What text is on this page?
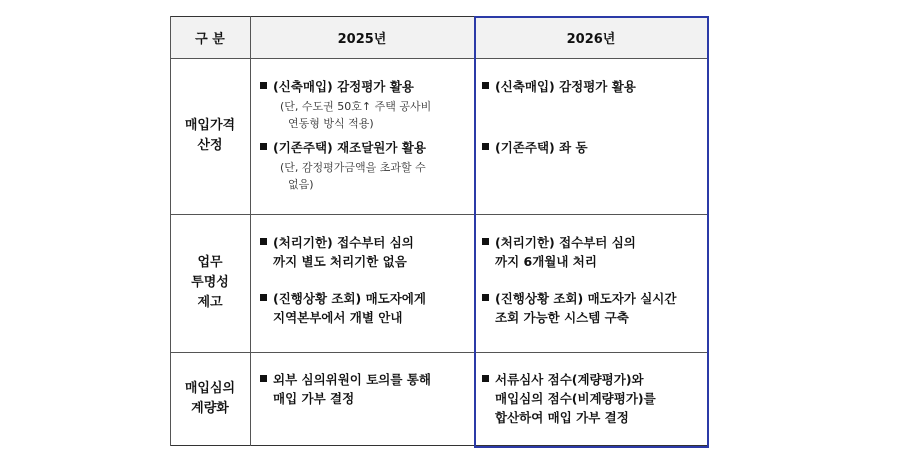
구 분	2025년	2026년
매입가격
산정
업무
투명성
제고
매입심의
계량화
(신축매입) 감정평가 활용
(단, 수도권 50호↑ 주택 공사비
연동형 방식 적용)
(기존주택) 재조달원가 활용
(단, 감정평가금액을 초과할 수
없음)
(신축매입) 감정평가 활용
(기존주택) 좌 동
(처리기한) 접수부터 심의
까지 별도 처리기한 없음
(진행상황 조회) 매도자에게
지역본부에서 개별 안내
(처리기한) 접수부터 심의
까지 6개월내 처리
(진행상황 조회) 매도자가 실시간
조회 가능한 시스템 구축
외부 심의위원이 토의를 통해
매입 가부 결정
서류심사 점수(계량평가)와
매입심의 점수(비계량평가)를
합산하여 매입 가부 결정
